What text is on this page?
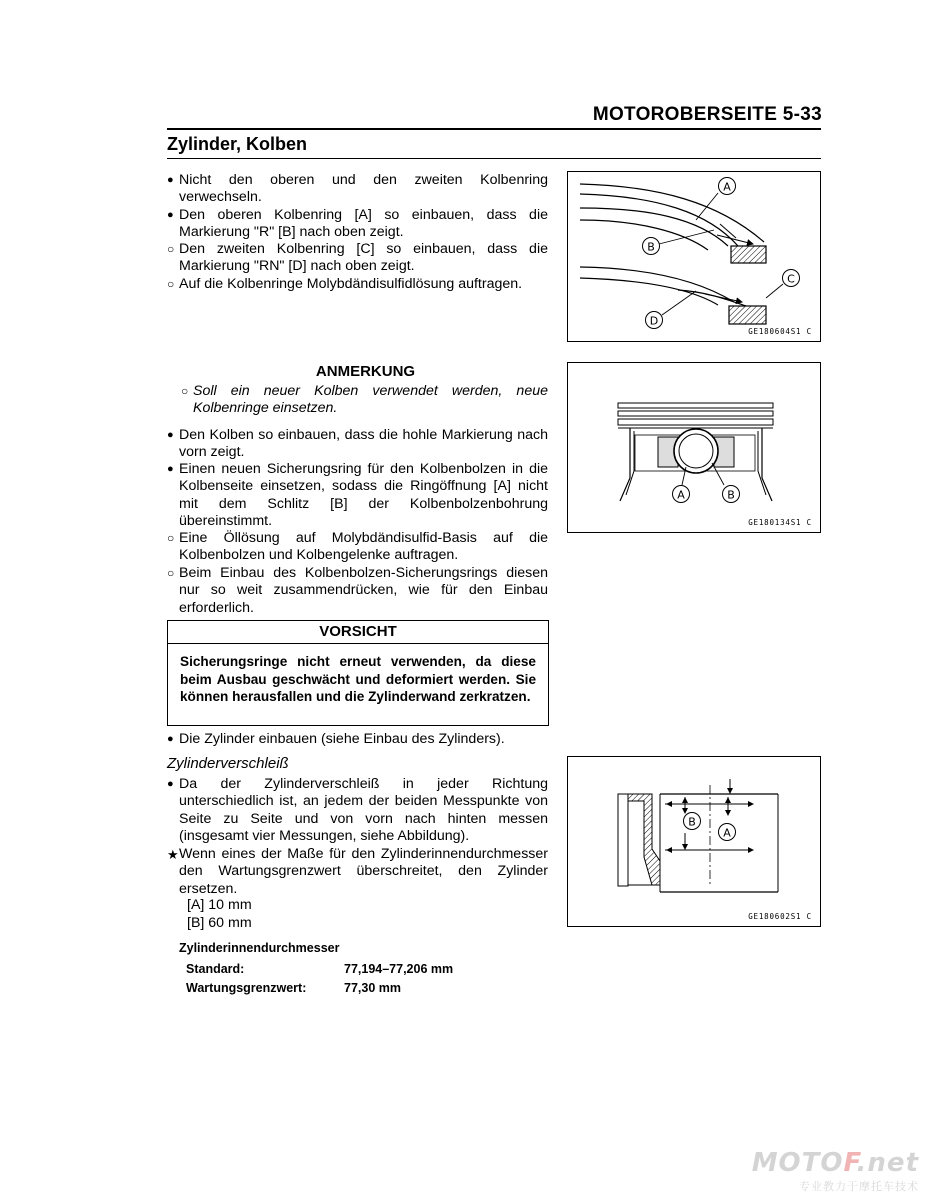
MOTOROBERSEITE 5-33
Zylinder, Kolben
● Nicht den oberen und den zweiten Kolbenring verwechseln.
● Den oberen Kolbenring [A] so einbauen, dass die Markierung "R" [B] nach oben zeigt.
○ Den zweiten Kolbenring [C] so einbauen, dass die Markierung "RN" [D] nach oben zeigt.
○ Auf die Kolbenringe Molybdändisulfidlösung auftragen.
ANMERKUNG
○ Soll ein neuer Kolben verwendet werden, neue Kolbenringe einsetzen.
● Den Kolben so einbauen, dass die hohle Markierung nach vorn zeigt.
● Einen neuen Sicherungsring für den Kolbenbolzen in die Kolbenseite einsetzen, sodass die Ringöffnung [A] nicht mit dem Schlitz [B] der Kolbenbolzenbohrung übereinstimmt.
○ Eine Öllösung auf Molybdändisulfid-Basis auf die Kolbenbolzen und Kolbengelenke auftragen.
○ Beim Einbau des Kolbenbolzen-Sicherungsrings diesen nur so weit zusammendrücken, wie für den Einbau erforderlich.
VORSICHT
Sicherungsringe nicht erneut verwenden, da diese beim Ausbau geschwächt und deformiert werden. Sie können herausfallen und die Zylinderwand zerkratzen.
● Die Zylinder einbauen (siehe Einbau des Zylinders).
Zylinderverschleiß
● Da der Zylinderverschleiß in jeder Richtung unterschiedlich ist, an jedem der beiden Messpunkte von Seite zu Seite und von vorn nach hinten messen (insgesamt vier Messungen, siehe Abbildung).
★ Wenn eines der Maße für den Zylinderinnendurchmesser den Wartungsgrenzwert überschreitet, den Zylinder ersetzen.
[A] 10 mm
[B] 60 mm
Zylinderinnendurchmesser
Standard:	77,194–77,206 mm
Wartungsgrenzwert:	77,30 mm
A
B
C
D
GE180604S1 C
A	B
GE180134S1 C
B
A
GE180602S1 C
MOTOF.net
专业教力于摩托车技术
